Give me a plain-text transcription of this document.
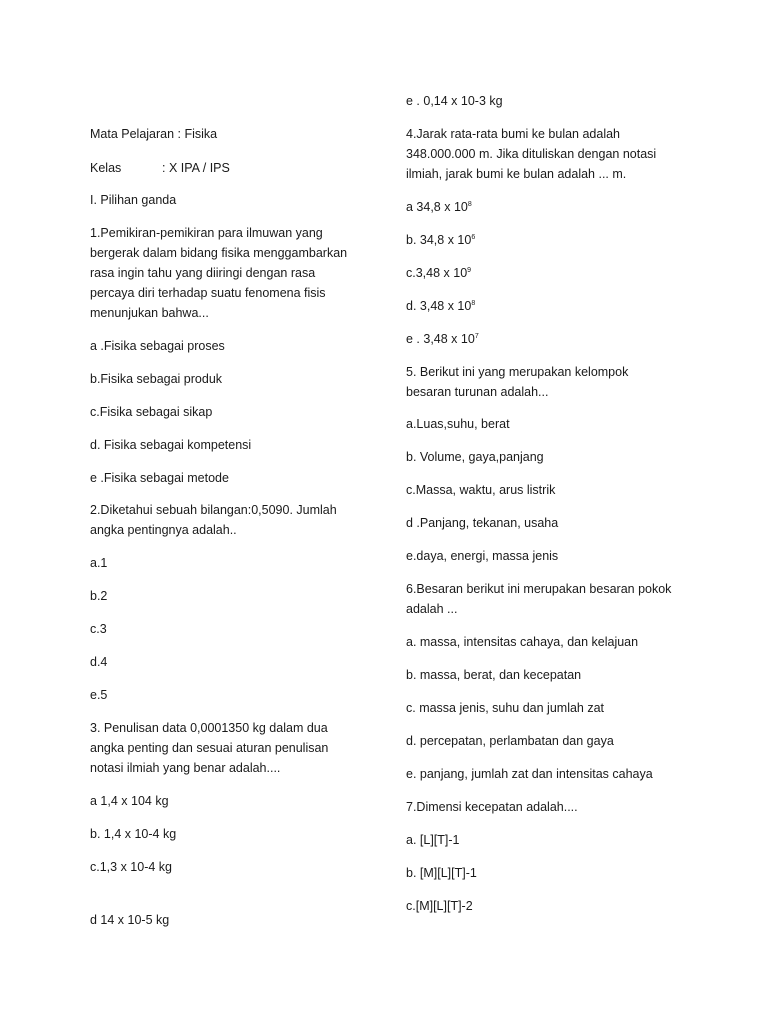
Mata Pelajaran : Fisika
Kelas	: X IPA / IPS
I. Pilihan ganda
1.Pemikiran-pemikiran para ilmuwan yang
bergerak dalam bidang fisika menggambarkan
rasa ingin tahu yang diiringi dengan rasa
percaya diri terhadap suatu fenomena fisis
menunjukan bahwa...
a .Fisika sebagai proses
b.Fisika sebagai produk
c.Fisika sebagai sikap
d. Fisika sebagai kompetensi
e .Fisika sebagai metode
2.Diketahui sebuah bilangan:0,5090. Jumlah
angka pentingnya adalah..
a.1
b.2
c.3
d.4
e.5
3. Penulisan data 0,0001350 kg dalam dua
angka penting dan sesuai aturan penulisan
notasi ilmiah yang benar adalah....
a 1,4 x 104 kg
b. 1,4 x 10-4 kg
c.1,3 x 10-4 kg
d 14 x 10-5 kg
e . 0,14 x 10-3 kg
4.Jarak rata-rata bumi ke bulan adalah
348.000.000 m. Jika dituliskan dengan notasi
ilmiah, jarak bumi ke bulan adalah ... m.
a 34,8 x $10^8$
b. 34,8 x $10^6$
c.3,48 x $10^9$
d. 3,48 x $10^8$
e . 3,48 x $10^7$
5. Berikut ini yang merupakan kelompok
besaran turunan adalah...
a.Luas,suhu, berat
b. Volume, gaya,panjang
c.Massa, waktu, arus listrik
d .Panjang, tekanan, usaha
e.daya, energi, massa jenis
6.Besaran berikut ini merupakan besaran pokok
adalah ...
a. massa, intensitas cahaya, dan kelajuan
b. massa, berat, dan kecepatan
c. massa jenis, suhu dan jumlah zat
d. percepatan, perlambatan dan gaya
e. panjang, jumlah zat dan intensitas cahaya
7.Dimensi kecepatan adalah....
a. [L][T]-1
b. [M][L][T]-1
c.[M][L][T]-2
